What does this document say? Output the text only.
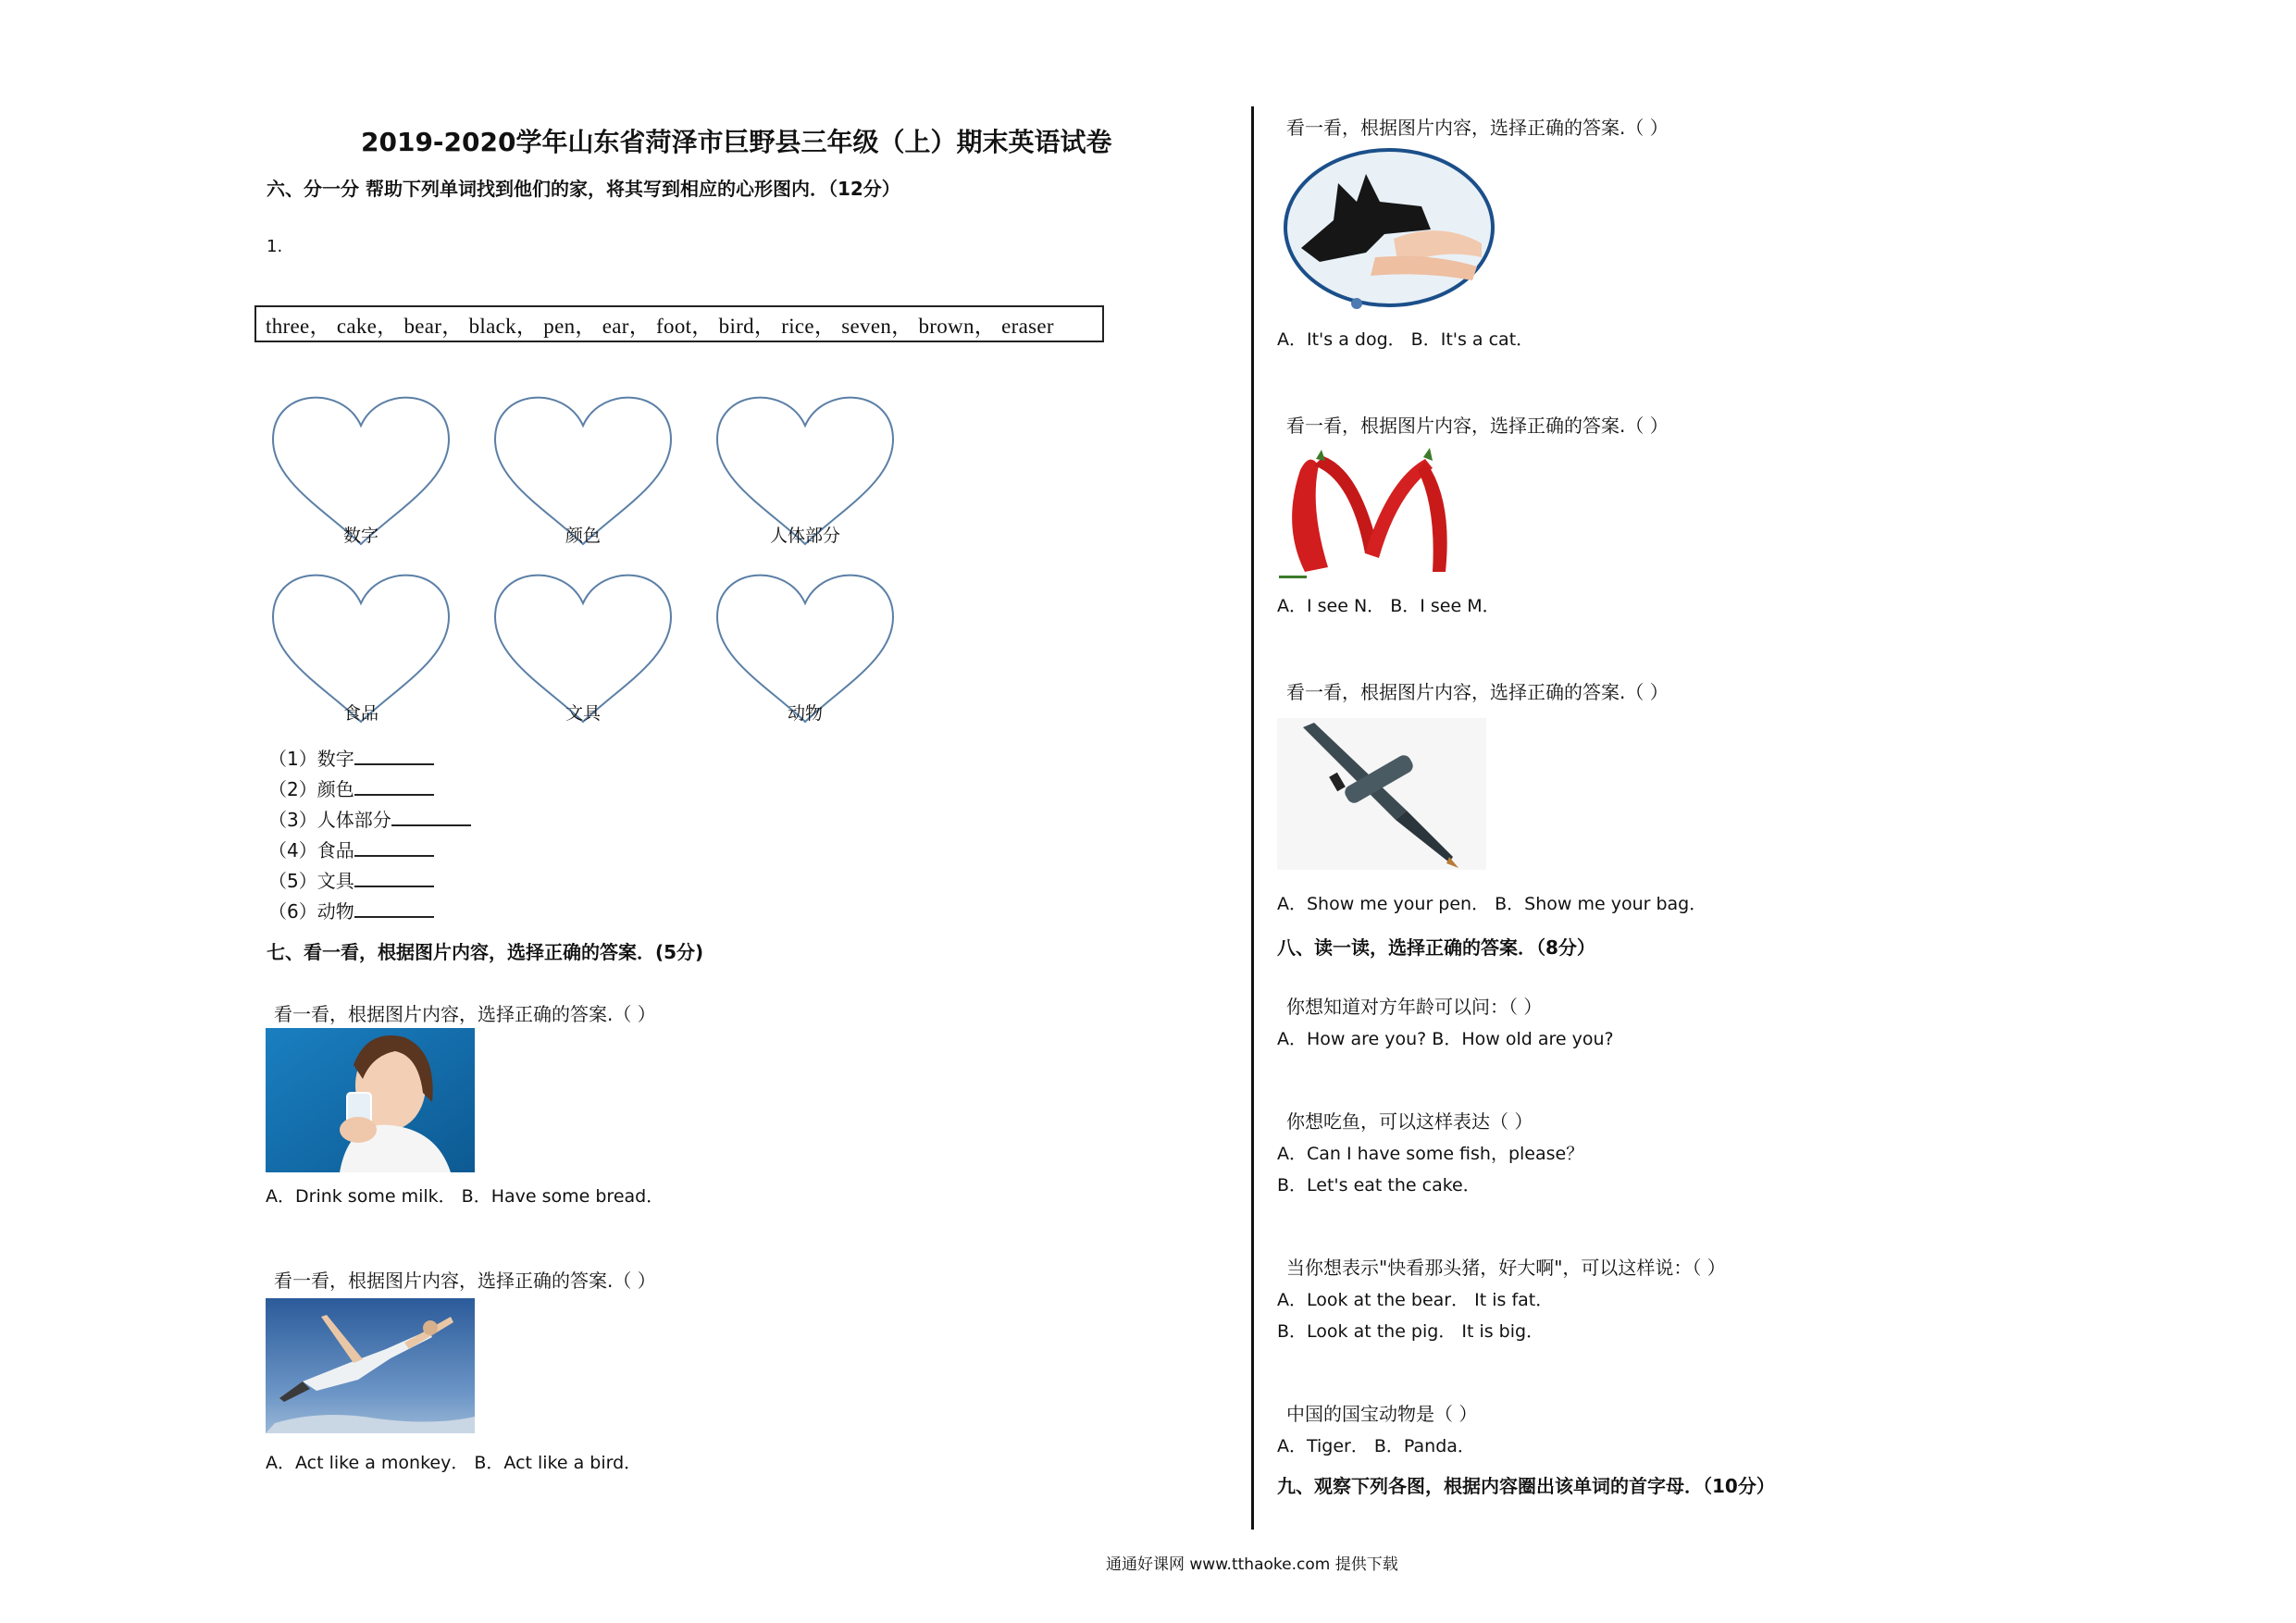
2019-2020学年山东省菏泽市巨野县三年级（上）期末英语试卷
六、分一分 帮助下列单词找到他们的家，将其写到相应的心形图内．（12分）
1.
three， cake， bear， black， pen， ear， foot， bird， rice， seven， brown， eraser
数字	颜色	人体部分
食品	文具	动物
（1）数字
（2）颜色
（3）人体部分
（4）食品
（5）文具
（6）动物
七、看一看，根据图片内容，选择正确的答案．(5分)
看一看，根据图片内容，选择正确的答案.（ ）
A．Drink some milk． B．Have some bread．
看一看，根据图片内容，选择正确的答案.（ ）
A．Act like a monkey． B．Act like a bird．
看一看，根据图片内容，选择正确的答案.（ ）
A．It's a dog． B．It's a cat．
看一看，根据图片内容，选择正确的答案.（ ）
A．I see N． B．I see M．
看一看，根据图片内容，选择正确的答案.（ ）
A．Show me your pen． B．Show me your bag．
八、读一读，选择正确的答案．（8分）
你想知道对方年龄可以问：（ ）
A．How are you? B．How old are you?
你想吃鱼，可以这样表达（ ）
A．Can I have some fish，please？
B．Let's eat the cake．
当你想表示"快看那头猪，好大啊"，可以这样说：（ ）
A．Look at the bear． It is fat．
B．Look at the pig． It is big．
中国的国宝动物是（ ）
A．Tiger． B．Panda．
九、观察下列各图，根据内容圈出该单词的首字母．（10分）
通通好课网 www.tthaoke.com 提供下载
